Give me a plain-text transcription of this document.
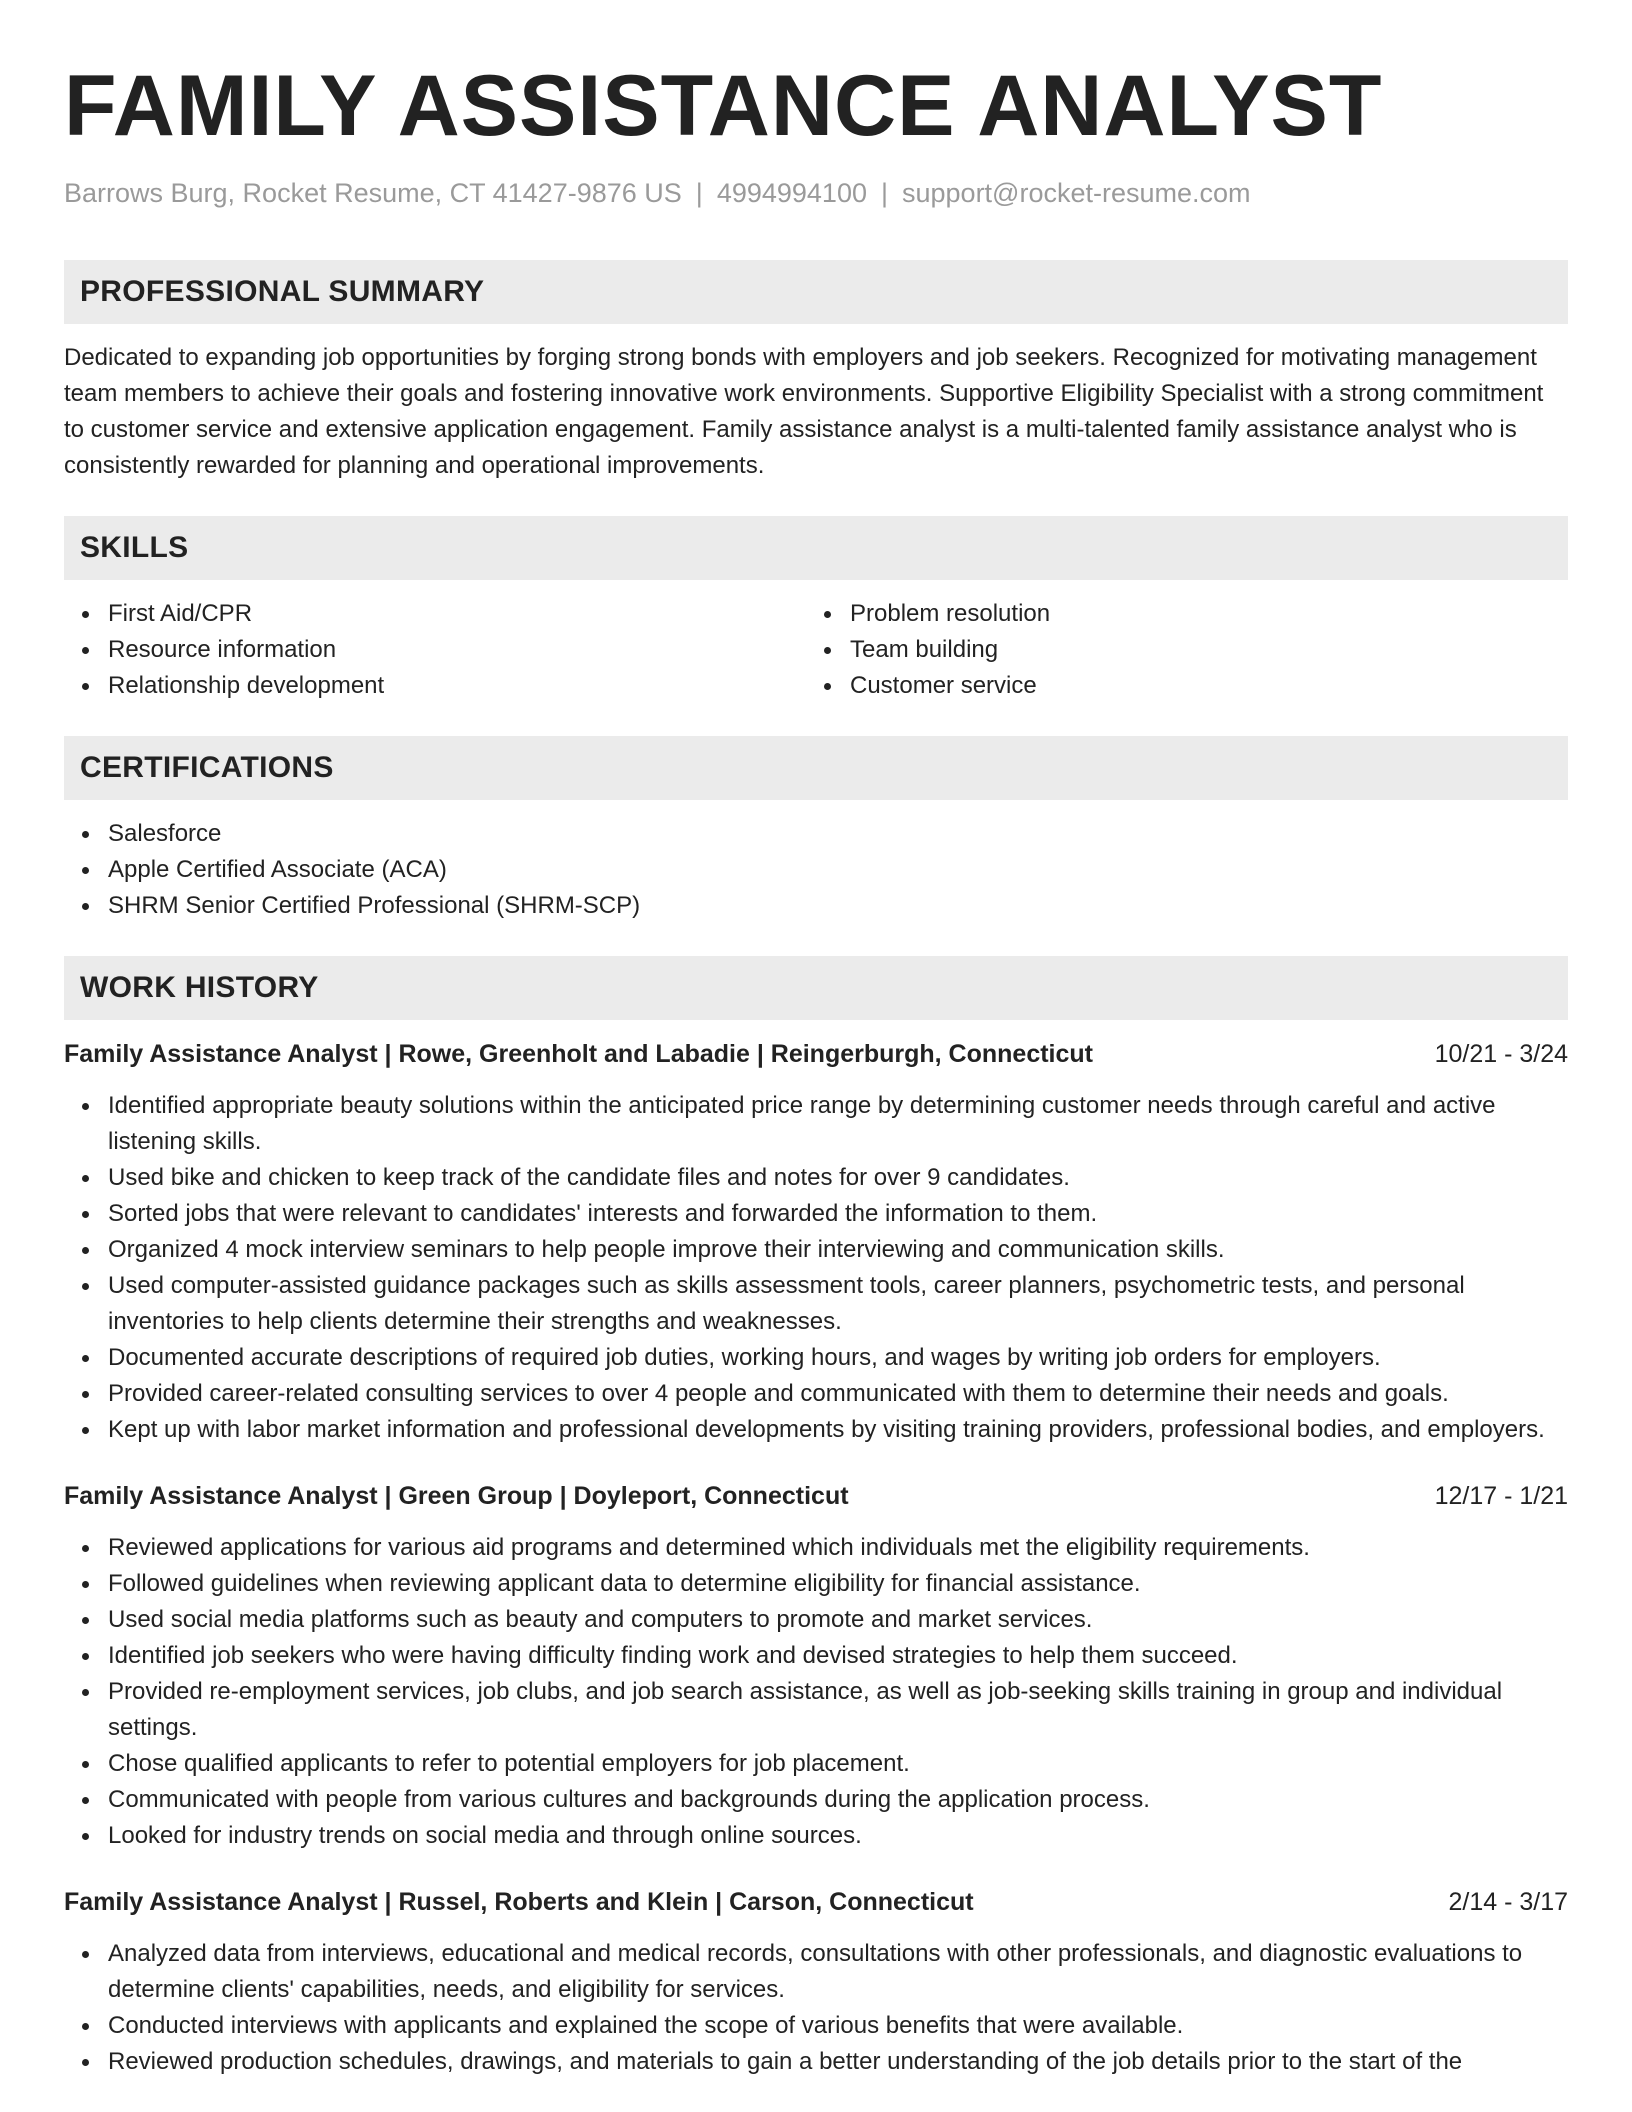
FAMILY ASSISTANCE ANALYST
Barrows Burg, Rocket Resume, CT 41427-9876 US | 4994994100 | support@rocket-resume.com
PROFESSIONAL SUMMARY

Dedicated to expanding job opportunities by forging strong bonds with employers and job seekers. Recognized for motivating management team members to achieve their goals and fostering innovative work environments. Supportive Eligibility Specialist with a strong commitment to customer service and extensive application engagement. Family assistance analyst is a multi-talented family assistance analyst who is consistently rewarded for planning and operational improvements.

SKILLS
First Aid/CPR
Resource information
Relationship development
Problem resolution
Team building
Customer service
CERTIFICATIONS
Salesforce
Apple Certified Associate (ACA)
SHRM Senior Certified Professional (SHRM-SCP)
WORK HISTORY
Family Assistance Analyst | Rowe, Greenholt and Labadie | Reingerburgh, Connecticut	10/21 - 3/24
Identified appropriate beauty solutions within the anticipated price range by determining customer needs through careful and active listening skills.
Used bike and chicken to keep track of the candidate files and notes for over 9 candidates.
Sorted jobs that were relevant to candidates' interests and forwarded the information to them.
Organized 4 mock interview seminars to help people improve their interviewing and communication skills.
Used computer-assisted guidance packages such as skills assessment tools, career planners, psychometric tests, and personal inventories to help clients determine their strengths and weaknesses.
Documented accurate descriptions of required job duties, working hours, and wages by writing job orders for employers.
Provided career-related consulting services to over 4 people and communicated with them to determine their needs and goals.
Kept up with labor market information and professional developments by visiting training providers, professional bodies, and employers.
Family Assistance Analyst | Green Group | Doyleport, Connecticut	12/17 - 1/21
Reviewed applications for various aid programs and determined which individuals met the eligibility requirements.
Followed guidelines when reviewing applicant data to determine eligibility for financial assistance.
Used social media platforms such as beauty and computers to promote and market services.
Identified job seekers who were having difficulty finding work and devised strategies to help them succeed.
Provided re-employment services, job clubs, and job search assistance, as well as job-seeking skills training in group and individual settings.
Chose qualified applicants to refer to potential employers for job placement.
Communicated with people from various cultures and backgrounds during the application process.
Looked for industry trends on social media and through online sources.
Family Assistance Analyst | Russel, Roberts and Klein | Carson, Connecticut	2/14 - 3/17
Analyzed data from interviews, educational and medical records, consultations with other professionals, and diagnostic evaluations to determine clients' capabilities, needs, and eligibility for services.
Conducted interviews with applicants and explained the scope of various benefits that were available.
Reviewed production schedules, drawings, and materials to gain a better understanding of the job details prior to the start of the
